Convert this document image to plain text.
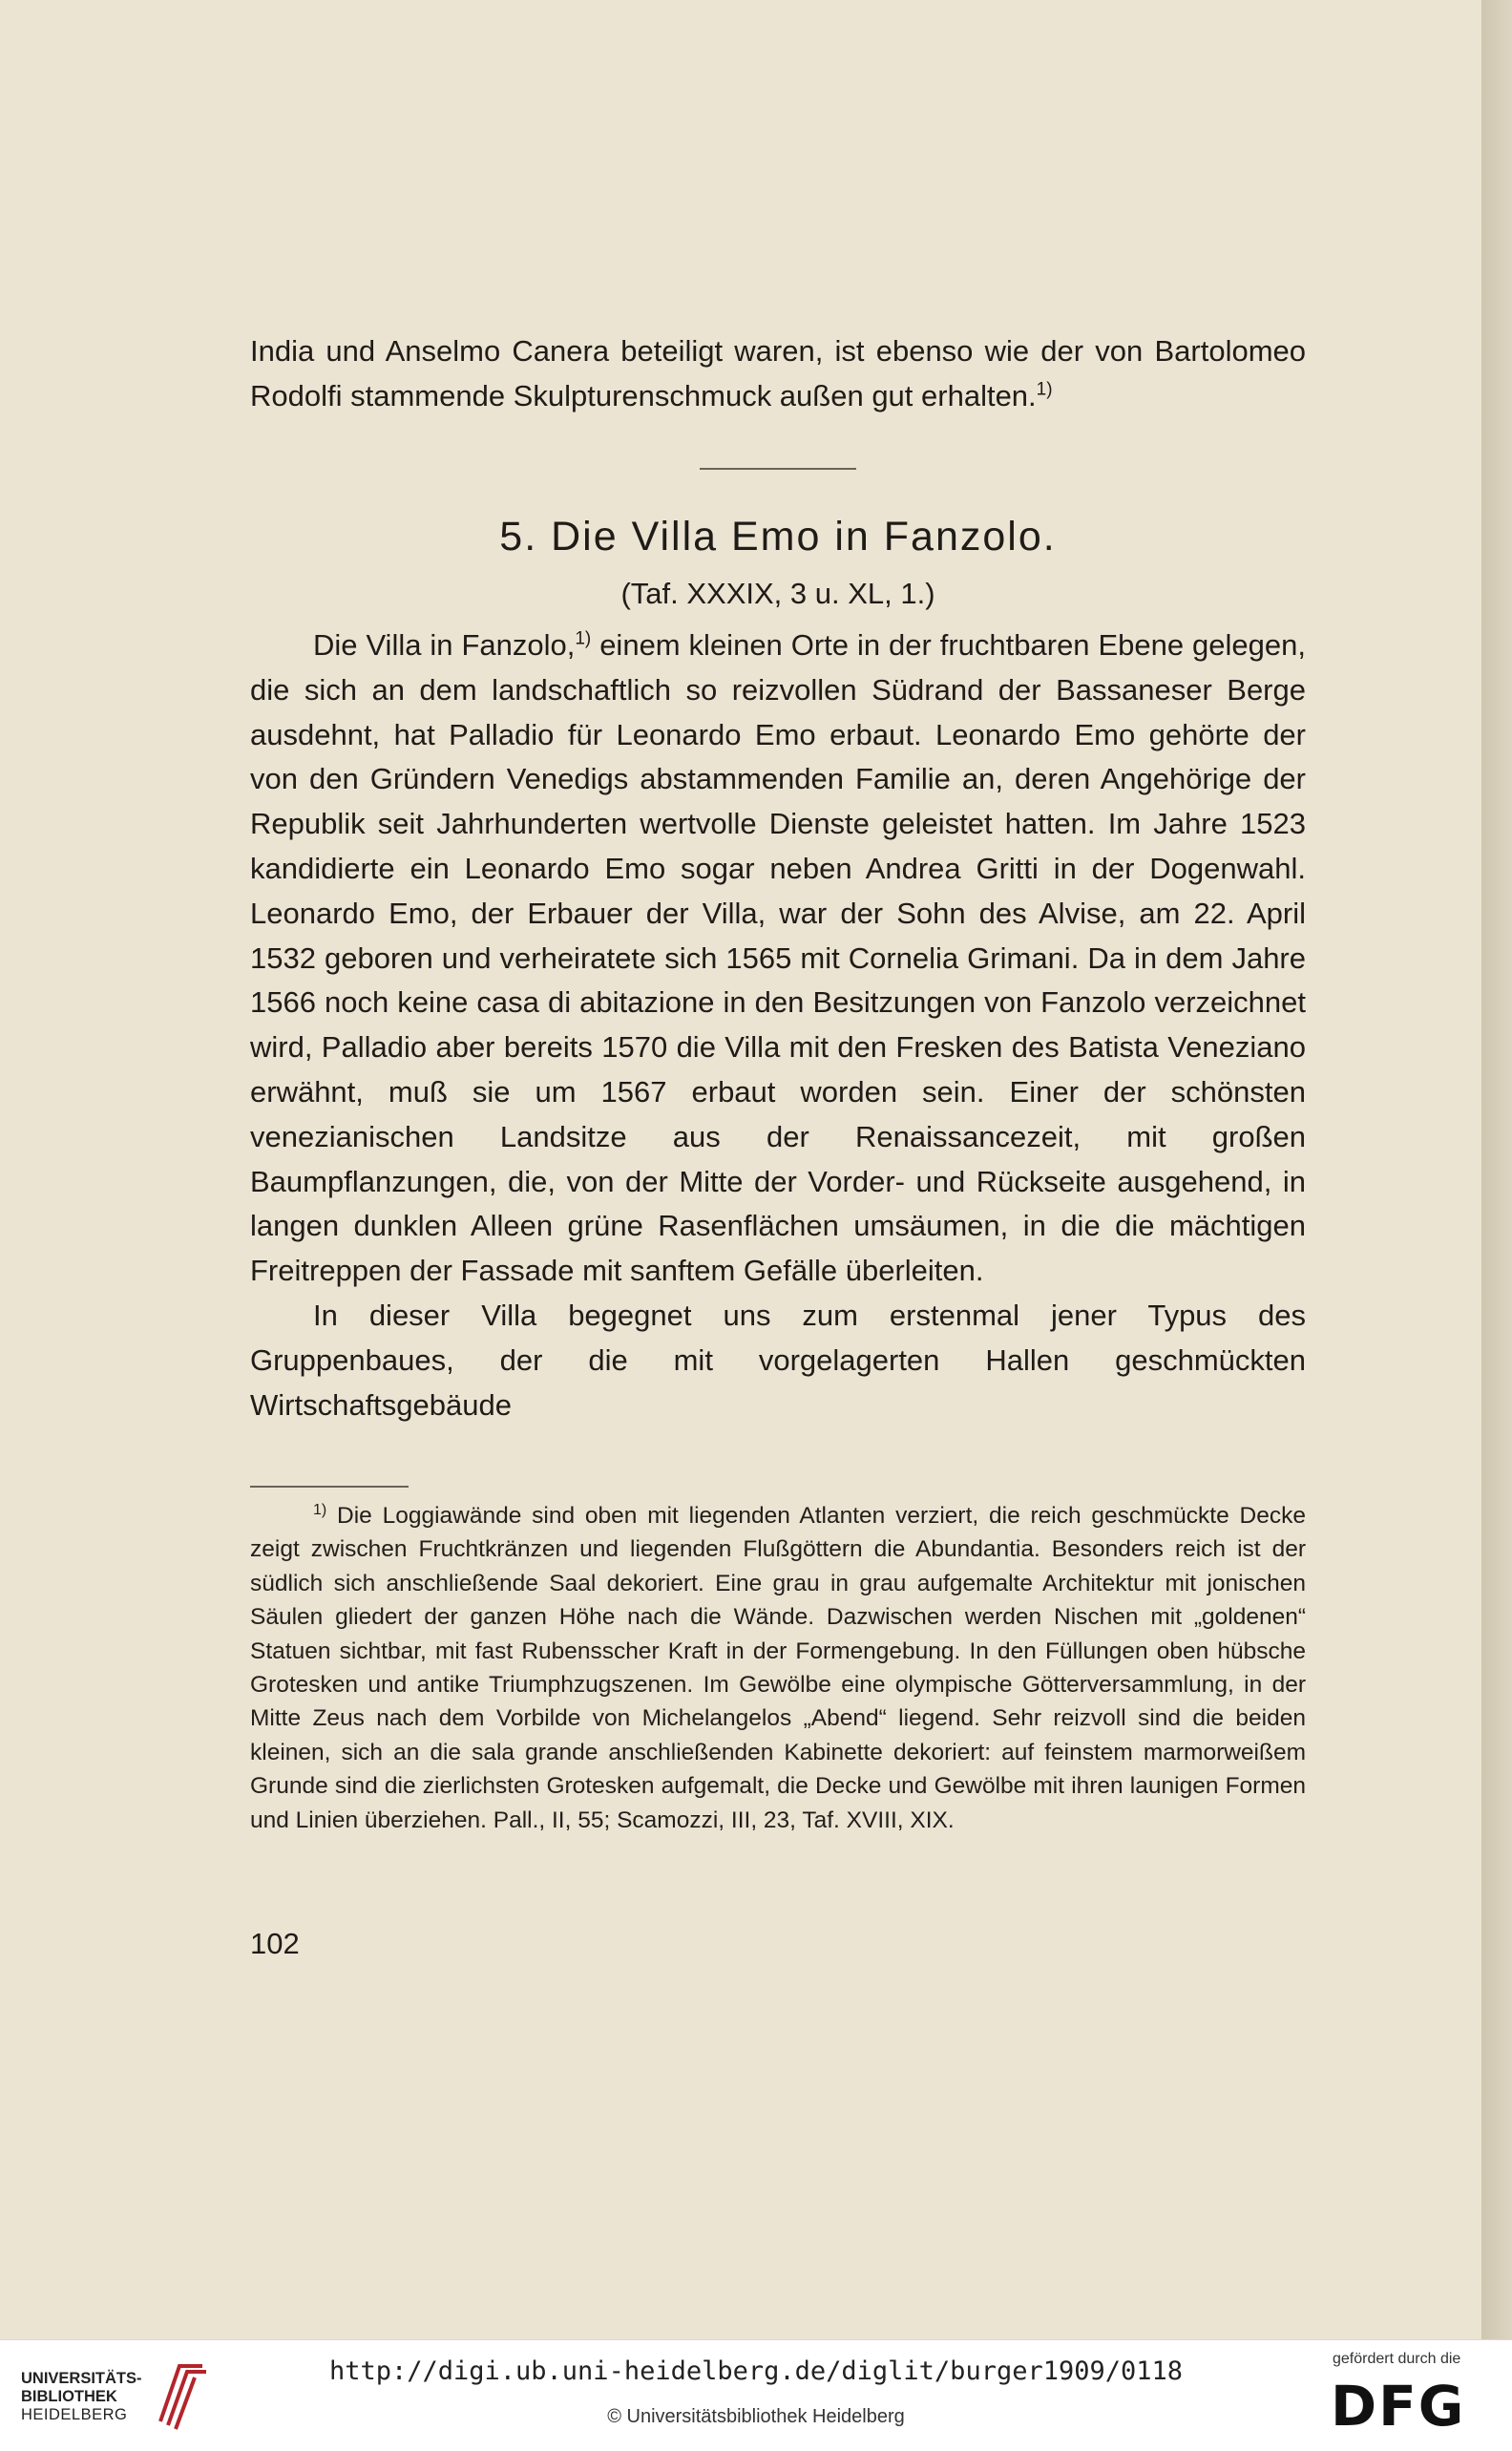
India und Anselmo Canera beteiligt waren, ist ebenso wie der von Bartolomeo Rodolfi stammende Skulpturenschmuck außen gut erhalten.$^{1)}$

5. Die Villa Emo in Fanzolo.

(Taf. XXXIX, 3 u. XL, 1.)

Die Villa in Fanzolo,$^{1)}$ einem kleinen Orte in der fruchtbaren Ebene gelegen, die sich an dem landschaftlich so reizvollen Südrand der Bassaneser Berge ausdehnt, hat Palladio für Leonardo Emo erbaut. Leonardo Emo gehörte der von den Gründern Venedigs abstammenden Familie an, deren Angehörige der Republik seit Jahrhunderten wertvolle Dienste geleistet hatten. Im Jahre 1523 kandidierte ein Leonardo Emo sogar neben Andrea Gritti in der Dogenwahl. Leonardo Emo, der Erbauer der Villa, war der Sohn des Alvise, am 22. April 1532 geboren und verheiratete sich 1565 mit Cornelia Grimani. Da in dem Jahre 1566 noch keine casa di abitazione in den Besitzungen von Fanzolo verzeichnet wird, Palladio aber bereits 1570 die Villa mit den Fresken des Batista Veneziano erwähnt, muß sie um 1567 erbaut worden sein. Einer der schönsten venezianischen Landsitze aus der Renaissancezeit, mit großen Baumpflanzungen, die, von der Mitte der Vorder- und Rückseite ausgehend, in langen dunklen Alleen grüne Rasenflächen umsäumen, in die die mächtigen Freitreppen der Fassade mit sanftem Gefälle überleiten.

In dieser Villa begegnet uns zum erstenmal jener Typus des Gruppenbaues, der die mit vorgelagerten Hallen geschmückten Wirtschaftsgebäude

$^{1)}$ Die Loggiawände sind oben mit liegenden Atlanten verziert, die reich geschmückte Decke zeigt zwischen Fruchtkränzen und liegenden Flußgöttern die Abundantia. Besonders reich ist der südlich sich anschließende Saal dekoriert. Eine grau in grau aufgemalte Architektur mit jonischen Säulen gliedert der ganzen Höhe nach die Wände. Dazwischen werden Nischen mit „goldenen“ Statuen sichtbar, mit fast Rubensscher Kraft in der Formengebung. In den Füllungen oben hübsche Grotesken und antike Triumphzugszenen. Im Gewölbe eine olympische Götterversammlung, in der Mitte Zeus nach dem Vorbilde von Michelangelos „Abend“ liegend. Sehr reizvoll sind die beiden kleinen, sich an die sala grande anschließenden Kabinette dekoriert: auf feinstem marmorweißem Grunde sind die zierlichsten Grotesken aufgemalt, die Decke und Gewölbe mit ihren launigen Formen und Linien überziehen. Pall., II, 55; Scamozzi, III, 23, Taf. XVIII, XIX.

102

UNIVERSITÄTS-
BIBLIOTHEK
HEIDELBERG
http://digi.ub.uni-heidelberg.de/diglit/burger1909/0118
© Universitätsbibliothek Heidelberg
gefördert durch die
DFG
